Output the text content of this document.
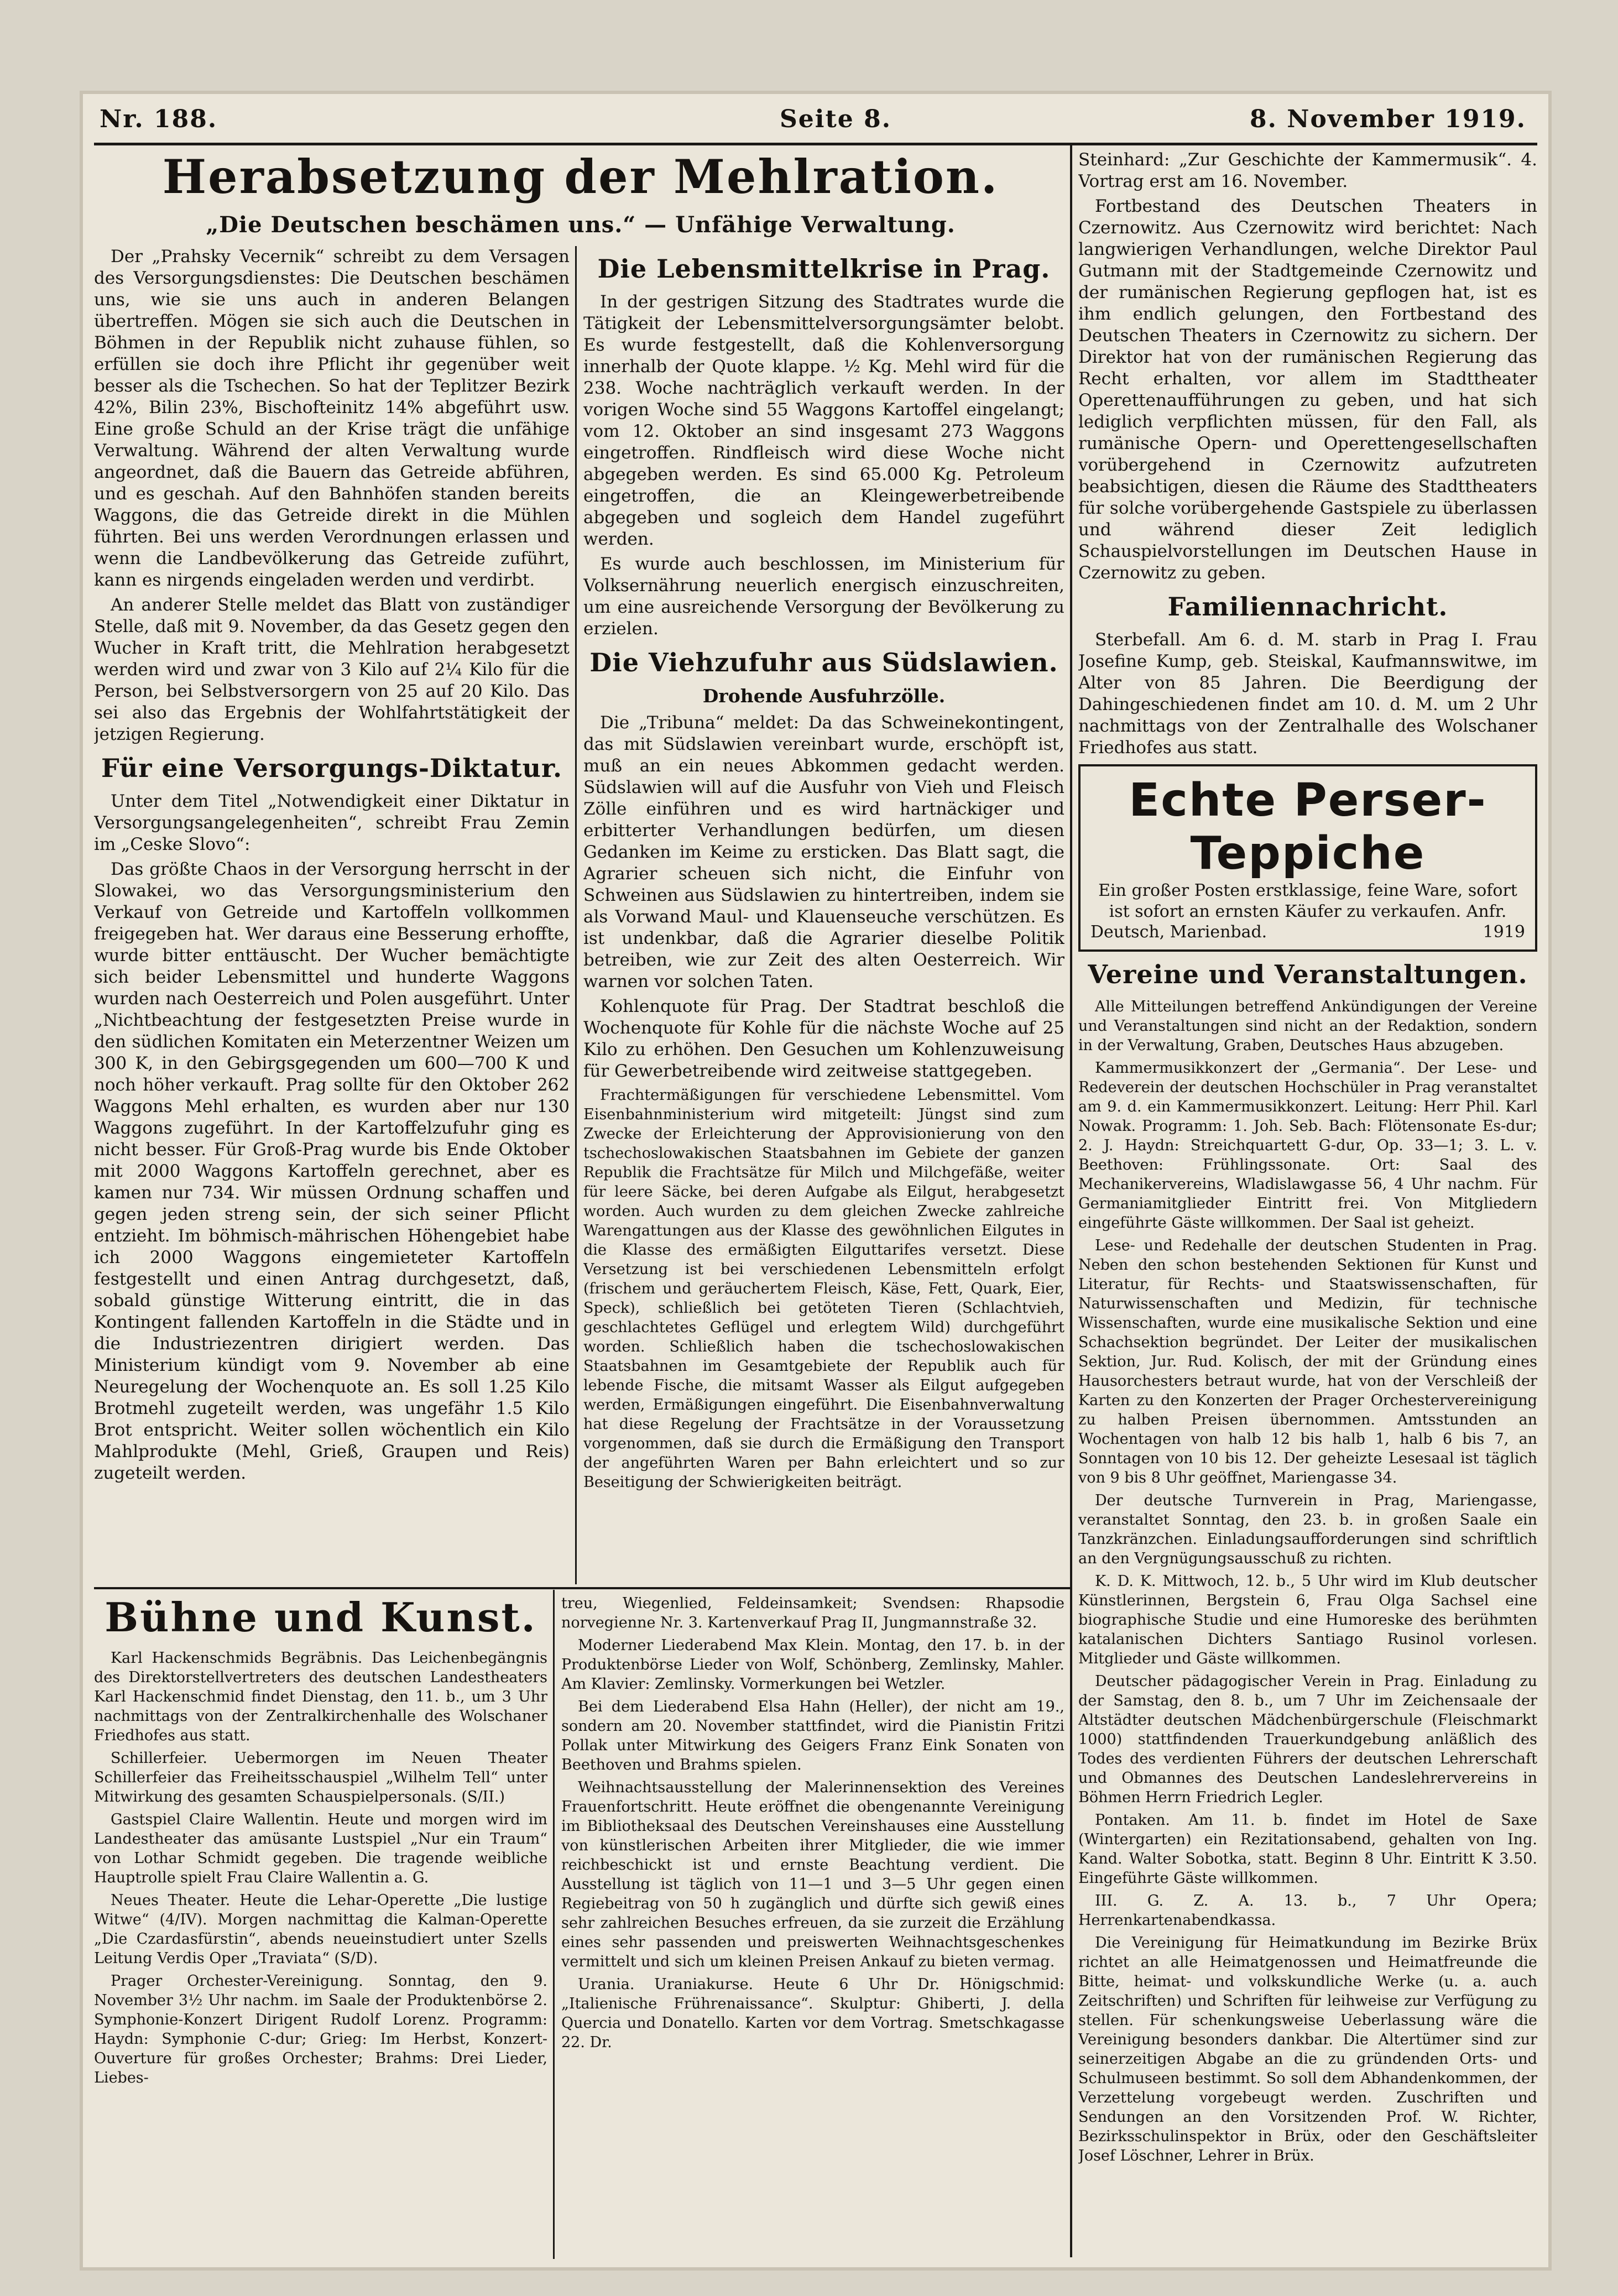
Nr. 188.	Seite 8.	8. November 1919.
Herabsetzung der Mehlration.
„Die Deutschen beschämen uns.“ — Unfähige Verwaltung.

Der „Prahsky Vecernik“ schreibt zu dem Versagen des Versorgungsdienstes: Die Deutschen beschämen uns, wie sie uns auch in anderen Belangen übertreffen. Mögen sie sich auch die Deutschen in Böhmen in der Republik nicht zuhause fühlen, so erfüllen sie doch ihre Pflicht ihr gegenüber weit besser als die Tschechen. So hat der Teplitzer Bezirk 42%, Bilin 23%, Bischofteinitz 14% abgeführt usw. Eine große Schuld an der Krise trägt die unfähige Verwaltung. Während der alten Verwaltung wurde angeordnet, daß die Bauern das Getreide abführen, und es geschah. Auf den Bahnhöfen standen bereits Waggons, die das Getreide direkt in die Mühlen führten. Bei uns werden Verordnungen erlassen und wenn die Landbevölkerung das Getreide zuführt, kann es nirgends eingeladen werden und verdirbt.

An anderer Stelle meldet das Blatt von zuständiger Stelle, daß mit 9. November, da das Gesetz gegen den Wucher in Kraft tritt, die Mehlration herabgesetzt werden wird und zwar von 3 Kilo auf 2¼ Kilo für die Person, bei Selbstversorgern von 25 auf 20 Kilo. Das sei also das Ergebnis der Wohlfahrtstätigkeit der jetzigen Regierung.

Für eine Versorgungs-Diktatur.

Unter dem Titel „Notwendigkeit einer Diktatur in Versorgungsangelegenheiten“, schreibt Frau Zemin im „Ceske Slovo“:

Das größte Chaos in der Versorgung herrscht in der Slowakei, wo das Versorgungsministerium den Verkauf von Getreide und Kartoffeln vollkommen freigegeben hat. Wer daraus eine Besserung erhoffte, wurde bitter enttäuscht. Der Wucher bemächtigte sich beider Lebensmittel und hunderte Waggons wurden nach Oesterreich und Polen ausgeführt. Unter „Nichtbeachtung der festgesetzten Preise wurde in den südlichen Komitaten ein Meterzentner Weizen um 300 K, in den Gebirgsgegenden um 600—700 K und noch höher verkauft. Prag sollte für den Oktober 262 Waggons Mehl erhalten, es wurden aber nur 130 Waggons zugeführt. In der Kartoffelzufuhr ging es nicht besser. Für Groß-Prag wurde bis Ende Oktober mit 2000 Waggons Kartoffeln gerechnet, aber es kamen nur 734. Wir müssen Ordnung schaffen und gegen jeden streng sein, der sich seiner Pflicht entzieht. Im böhmisch-mährischen Höhengebiet habe ich 2000 Waggons eingemieteter Kartoffeln festgestellt und einen Antrag durchgesetzt, daß, sobald günstige Witterung eintritt, die in das Kontingent fallenden Kartoffeln in die Städte und in die Industriezentren dirigiert werden. Das Ministerium kündigt vom 9. November ab eine Neuregelung der Wochenquote an. Es soll 1.25 Kilo Brotmehl zugeteilt werden, was ungefähr 1.5 Kilo Brot entspricht. Weiter sollen wöchentlich ein Kilo Mahlprodukte (Mehl, Grieß, Graupen und Reis) zugeteilt werden.

Die Lebensmittelkrise in Prag.

In der gestrigen Sitzung des Stadtrates wurde die Tätigkeit der Lebensmittelversorgungsämter belobt. Es wurde festgestellt, daß die Kohlenversorgung innerhalb der Quote klappe. ½ Kg. Mehl wird für die 238. Woche nachträglich verkauft werden. In der vorigen Woche sind 55 Waggons Kartoffel eingelangt; vom 12. Oktober an sind insgesamt 273 Waggons eingetroffen. Rindfleisch wird diese Woche nicht abgegeben werden. Es sind 65.000 Kg. Petroleum eingetroffen, die an Kleingewerbetreibende abgegeben und sogleich dem Handel zugeführt werden.

Es wurde auch beschlossen, im Ministerium für Volksernährung neuerlich energisch einzuschreiten, um eine ausreichende Versorgung der Bevölkerung zu erzielen.

Die Viehzufuhr aus Südslawien.
Drohende Ausfuhrzölle.

Die „Tribuna“ meldet: Da das Schweinekontingent, das mit Südslawien vereinbart wurde, erschöpft ist, muß an ein neues Abkommen gedacht werden. Südslawien will auf die Ausfuhr von Vieh und Fleisch Zölle einführen und es wird hartnäckiger und erbitterter Verhandlungen bedürfen, um diesen Gedanken im Keime zu ersticken. Das Blatt sagt, die Agrarier scheuen sich nicht, die Einfuhr von Schweinen aus Südslawien zu hintertreiben, indem sie als Vorwand Maul- und Klauenseuche verschützen. Es ist undenkbar, daß die Agrarier dieselbe Politik betreiben, wie zur Zeit des alten Oesterreich. Wir warnen vor solchen Taten.

Kohlenquote für Prag. Der Stadtrat beschloß die Wochenquote für Kohle für die nächste Woche auf 25 Kilo zu erhöhen. Den Gesuchen um Kohlenzuweisung für Gewerbetreibende wird zeitweise stattgegeben.

Frachtermäßigungen für verschiedene Lebensmittel. Vom Eisenbahnministerium wird mitgeteilt: Jüngst sind zum Zwecke der Erleichterung der Approvisionierung von den tschechoslowakischen Staatsbahnen im Gebiete der ganzen Republik die Frachtsätze für Milch und Milchgefäße, weiter für leere Säcke, bei deren Aufgabe als Eilgut, herabgesetzt worden. Auch wurden zu dem gleichen Zwecke zahlreiche Warengattungen aus der Klasse des gewöhnlichen Eilgutes in die Klasse des ermäßigten Eilguttarifes versetzt. Diese Versetzung ist bei verschiedenen Lebensmitteln erfolgt (frischem und geräuchertem Fleisch, Käse, Fett, Quark, Eier, Speck), schließlich bei getöteten Tieren (Schlachtvieh, geschlachtetes Geflügel und erlegtem Wild) durchgeführt worden. Schließlich haben die tschechoslowakischen Staatsbahnen im Gesamtgebiete der Republik auch für lebende Fische, die mitsamt Wasser als Eilgut aufgegeben werden, Ermäßigungen eingeführt. Die Eisenbahnverwaltung hat diese Regelung der Frachtsätze in der Voraussetzung vorgenommen, daß sie durch die Ermäßigung den Transport der angeführten Waren per Bahn erleichtert und so zur Beseitigung der Schwierigkeiten beiträgt.

Steinhard: „Zur Geschichte der Kammermusik“. 4. Vortrag erst am 16. November.

Fortbestand des Deutschen Theaters in Czernowitz. Aus Czernowitz wird berichtet: Nach langwierigen Verhandlungen, welche Direktor Paul Gutmann mit der Stadtgemeinde Czernowitz und der rumänischen Regierung gepflogen hat, ist es ihm endlich gelungen, den Fortbestand des Deutschen Theaters in Czernowitz zu sichern. Der Direktor hat von der rumänischen Regierung das Recht erhalten, vor allem im Stadttheater Operettenaufführungen zu geben, und hat sich lediglich verpflichten müssen, für den Fall, als rumänische Opern- und Operettengesellschaften vorübergehend in Czernowitz aufzutreten beabsichtigen, diesen die Räume des Stadttheaters für solche vorübergehende Gastspiele zu überlassen und während dieser Zeit lediglich Schauspielvorstellungen im Deutschen Hause in Czernowitz zu geben.

Familiennachricht.

Sterbefall. Am 6. d. M. starb in Prag I. Frau Josefine Kump, geb. Steiskal, Kaufmannswitwe, im Alter von 85 Jahren. Die Beerdigung der Dahingeschiedenen findet am 10. d. M. um 2 Uhr nachmittags von der Zentralhalle des Wolschaner Friedhofes aus statt.

Echte Perser-Teppiche
Ein großer Posten erstklassige, feine Ware, sofort
ist sofort an ernsten Käufer zu verkaufen. Anfr.
Deutsch, Marienbad.	1919
Vereine und Veranstaltungen.

Alle Mitteilungen betreffend Ankündigungen der Vereine und Veranstaltungen sind nicht an der Redaktion, sondern in der Verwaltung, Graben, Deutsches Haus abzugeben.

Kammermusikkonzert der „Germania“. Der Lese- und Redeverein der deutschen Hochschüler in Prag veranstaltet am 9. d. ein Kammermusikkonzert. Leitung: Herr Phil. Karl Nowak. Programm: 1. Joh. Seb. Bach: Flötensonate Es-dur; 2. J. Haydn: Streichquartett G-dur, Op. 33—1; 3. L. v. Beethoven: Frühlingssonate. Ort: Saal des Mechanikervereins, Wladislawgasse 56, 4 Uhr nachm. Für Germaniamitglieder Eintritt frei. Von Mitgliedern eingeführte Gäste willkommen. Der Saal ist geheizt.

Lese- und Redehalle der deutschen Studenten in Prag. Neben den schon bestehenden Sektionen für Kunst und Literatur, für Rechts- und Staatswissenschaften, für Naturwissenschaften und Medizin, für technische Wissenschaften, wurde eine musikalische Sektion und eine Schachsektion begründet. Der Leiter der musikalischen Sektion, Jur. Rud. Kolisch, der mit der Gründung eines Hausorchesters betraut wurde, hat von der Verschleiß der Karten zu den Konzerten der Prager Orchestervereinigung zu halben Preisen übernommen. Amtsstunden an Wochentagen von halb 12 bis halb 1, halb 6 bis 7, an Sonntagen von 10 bis 12. Der geheizte Lesesaal ist täglich von 9 bis 8 Uhr geöffnet, Mariengasse 34.

Der deutsche Turnverein in Prag, Mariengasse, veranstaltet Sonntag, den 23. b. in großen Saale ein Tanzkränzchen. Einladungsaufforderungen sind schriftlich an den Vergnügungsausschuß zu richten.

K. D. K. Mittwoch, 12. b., 5 Uhr wird im Klub deutscher Künstlerinnen, Bergstein 6, Frau Olga Sachsel eine biographische Studie und eine Humoreske des berühmten katalanischen Dichters Santiago Rusinol vorlesen. Mitglieder und Gäste willkommen.

Deutscher pädagogischer Verein in Prag. Einladung zu der Samstag, den 8. b., um 7 Uhr im Zeichensaale der Altstädter deutschen Mädchenbürgerschule (Fleischmarkt 1000) stattfindenden Trauerkundgebung anläßlich des Todes des verdienten Führers der deutschen Lehrerschaft und Obmannes des Deutschen Landeslehrervereins in Böhmen Herrn Friedrich Legler.

Pontaken. Am 11. b. findet im Hotel de Saxe (Wintergarten) ein Rezitationsabend, gehalten von Ing. Kand. Walter Sobotka, statt. Beginn 8 Uhr. Eintritt K 3.50. Eingeführte Gäste willkommen.

III. G. Z. A. 13. b., 7 Uhr Opera; Herrenkartenabendkassa.

Die Vereinigung für Heimatkundung im Bezirke Brüx richtet an alle Heimatgenossen und Heimatfreunde die Bitte, heimat- und volkskundliche Werke (u. a. auch Zeitschriften) und Schriften für leihweise zur Verfügung zu stellen. Für schenkungsweise Ueberlassung wäre die Vereinigung besonders dankbar. Die Altertümer sind zur seinerzeitigen Abgabe an die zu gründenden Orts- und Schulmuseen bestimmt. So soll dem Abhandenkommen, der Verzettelung vorgebeugt werden. Zuschriften und Sendungen an den Vorsitzenden Prof. W. Richter, Bezirksschulinspektor in Brüx, oder den Geschäftsleiter Josef Löschner, Lehrer in Brüx.

Bühne und Kunst.

Karl Hackenschmids Begräbnis. Das Leichenbegängnis des Direktorstellvertreters des deutschen Landestheaters Karl Hackenschmid findet Dienstag, den 11. b., um 3 Uhr nachmittags von der Zentralkirchenhalle des Wolschaner Friedhofes aus statt.

Schillerfeier. Uebermorgen im Neuen Theater Schillerfeier das Freiheitsschauspiel „Wilhelm Tell“ unter Mitwirkung des gesamten Schauspielpersonals. (S/II.)

Gastspiel Claire Wallentin. Heute und morgen wird im Landestheater das amüsante Lustspiel „Nur ein Traum“ von Lothar Schmidt gegeben. Die tragende weibliche Hauptrolle spielt Frau Claire Wallentin a. G.

Neues Theater. Heute die Lehar-Operette „Die lustige Witwe“ (4/IV). Morgen nachmittag die Kalman-Operette „Die Czardasfürstin“, abends neueinstudiert unter Szells Leitung Verdis Oper „Traviata“ (S/D).

Prager Orchester-Vereinigung. Sonntag, den 9. November 3½ Uhr nachm. im Saale der Produktenbörse 2. Symphonie-Konzert Dirigent Rudolf Lorenz. Programm: Haydn: Symphonie C-dur; Grieg: Im Herbst, Konzert-Ouverture für großes Orchester; Brahms: Drei Lieder, Liebes-

treu, Wiegenlied, Feldeinsamkeit; Svendsen: Rhapsodie norvegienne Nr. 3. Kartenverkauf Prag II, Jungmannstraße 32.

Moderner Liederabend Max Klein. Montag, den 17. b. in der Produktenbörse Lieder von Wolf, Schönberg, Zemlinsky, Mahler. Am Klavier: Zemlinsky. Vormerkungen bei Wetzler.

Bei dem Liederabend Elsa Hahn (Heller), der nicht am 19., sondern am 20. November stattfindet, wird die Pianistin Fritzi Pollak unter Mitwirkung des Geigers Franz Eink Sonaten von Beethoven und Brahms spielen.

Weihnachtsausstellung der Malerinnensektion des Vereines Frauenfortschritt. Heute eröffnet die obengenannte Vereinigung im Bibliotheksaal des Deutschen Vereinshauses eine Ausstellung von künstlerischen Arbeiten ihrer Mitglieder, die wie immer reichbeschickt ist und ernste Beachtung verdient. Die Ausstellung ist täglich von 11—1 und 3—5 Uhr gegen einen Regiebeitrag von 50 h zugänglich und dürfte sich gewiß eines sehr zahlreichen Besuches erfreuen, da sie zurzeit die Erzählung eines sehr passenden und preiswerten Weihnachtsgeschenkes vermittelt und sich um kleinen Preisen Ankauf zu bieten vermag.

Urania. Uraniakurse. Heute 6 Uhr Dr. Hönigschmid: „Italienische Frührenaissance“. Skulptur: Ghiberti, J. della Quercia und Donatello. Karten vor dem Vortrag. Smetschkagasse 22. Dr.
